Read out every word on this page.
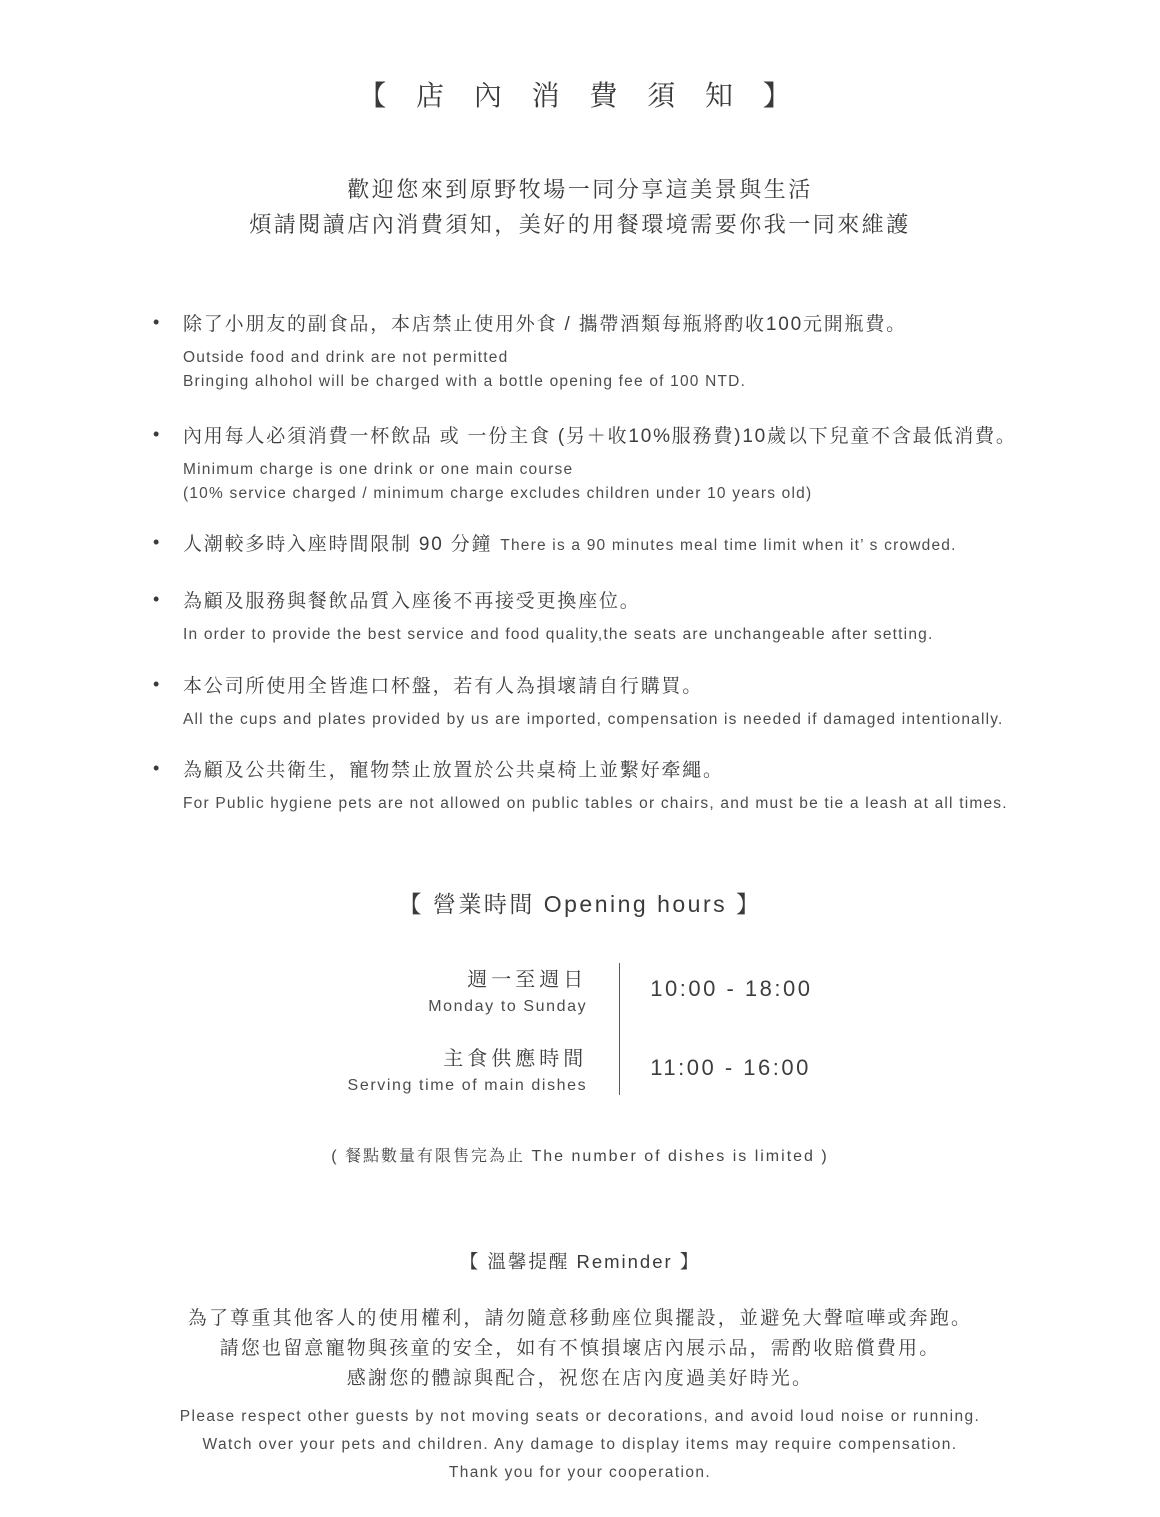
【 店 內 消 費 須 知 】

歡迎您來到原野牧場一同分享這美景與生活

煩請閱讀店內消費須知，美好的用餐環境需要你我一同來維護

• 除了小朋友的副食品，本店禁止使用外食 / 攜帶酒類每瓶將酌收100元開瓶費。

Outside food and drink are not permitted

Bringing alhohol will be charged with a bottle opening fee of 100 NTD.

• 內用每人必須消費一杯飲品 或 一份主食 (另＋收10%服務費)10歲以下兒童不含最低消費。

Minimum charge is one drink or one main course

(10% service charged / minimum charge excludes children under 10 years old)

• 人潮較多時入座時間限制 90 分鐘 There is a 90 minutes meal time limit when it’ s crowded.

• 為顧及服務與餐飲品質入座後不再接受更換座位。

In order to provide the best service and food quality,the seats are unchangeable after setting.

• 本公司所使用全皆進口杯盤，若有人為損壞請自行購買。

All the cups and plates provided by us are imported, compensation is needed if damaged intentionally.

• 為顧及公共衛生，寵物禁止放置於公共桌椅上並繫好牽繩。

For Public hygiene pets are not allowed on public tables or chairs, and must be tie a leash at all times.

【 營業時間 Opening hours 】

週一至週日

Monday to Sunday

主食供應時間

Serving time of main dishes

10:00 - 18:00
11:00 - 16:00

( 餐點數量有限售完為止 The number of dishes is limited )

【 溫馨提醒 Reminder 】

為了尊重其他客人的使用權利，請勿隨意移動座位與擺設，並避免大聲喧嘩或奔跑。

請您也留意寵物與孩童的安全，如有不慎損壞店內展示品，需酌收賠償費用。

感謝您的體諒與配合，祝您在店內度過美好時光。

Please respect other guests by not moving seats or decorations, and avoid loud noise or running.

Watch over your pets and children. Any damage to display items may require compensation.

Thank you for your cooperation.
